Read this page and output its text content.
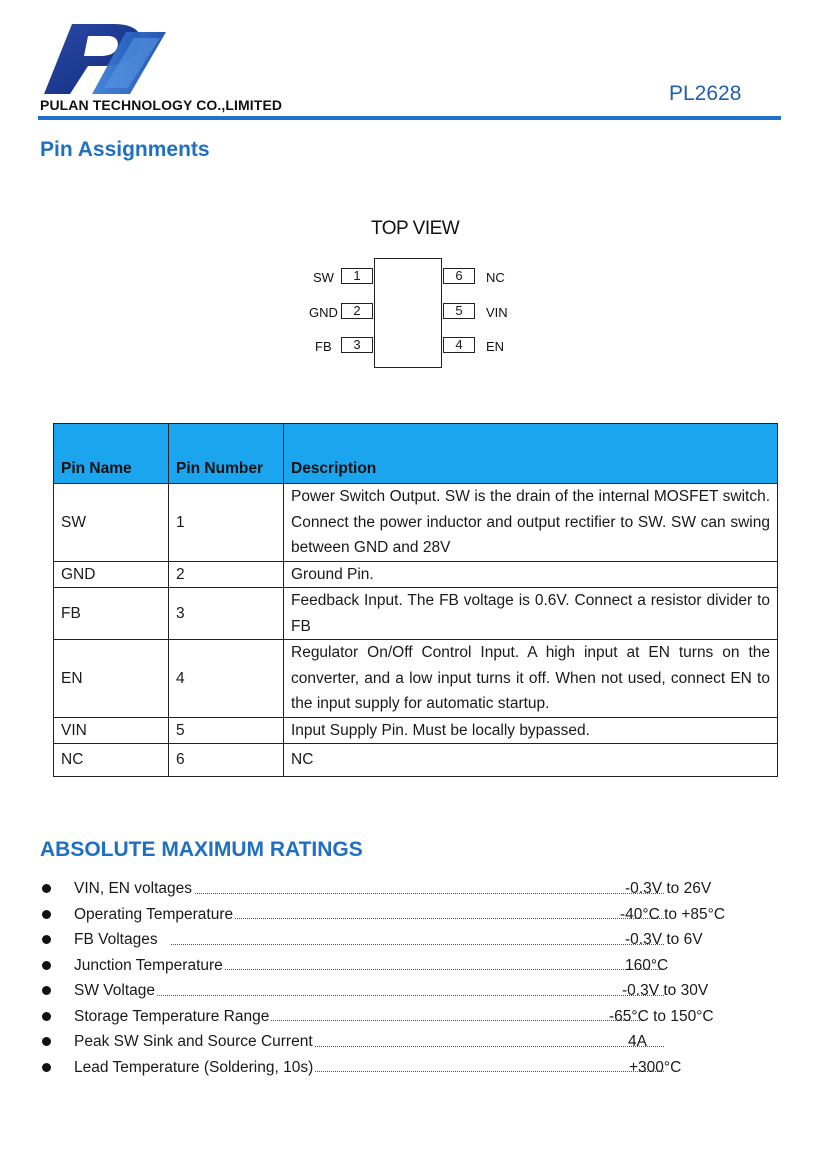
PULAN TECHNOLOGY CO.,LIMITED	PL2628
Pin Assignments
TOP VIEW
SW	1
GND	2
FB	3
6	NC
5	VIN
4	EN
Pin Name	Pin Number	Description
SW	1	Power Switch Output. SW is the drain of the internal MOSFET switch. Connect the power inductor and output rectifier to SW. SW can swing between GND and 28V
GND	2	Ground Pin.
FB	3	Feedback Input. The FB voltage is 0.6V. Connect a resistor divider to FB
EN	4	Regulator On/Off Control Input. A high input at EN turns on the converter, and a low input turns it off. When not used, connect EN to the input supply for automatic startup.
VIN	5	Input Supply Pin. Must be locally bypassed.
NC	6	NC
ABSOLUTE MAXIMUM RATINGS
VIN, EN voltages	-0.3V to 26V
Operating Temperature	-40°C to +85°C
FB Voltages	-0.3V to 6V
Junction Temperature	160°C
SW Voltage	-0.3V to 30V
Storage Temperature Range	-65°C to 150°C
Peak SW Sink and Source Current	4A
Lead Temperature (Soldering, 10s)	+300°C
